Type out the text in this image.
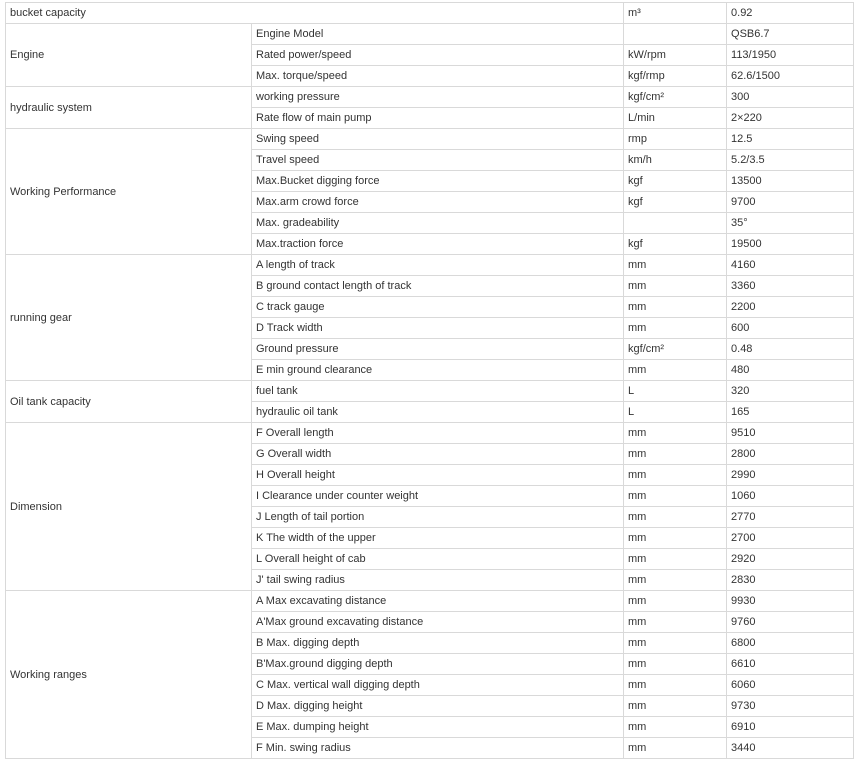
bucket capacity		m³	0.92
Engine	Engine Model		QSB6.7
	Rated power/speed	kW/rpm	113/1950
	Max. torque/speed	kgf/rmp	62.6/1500
hydraulic system	working pressure	kgf/cm²	300
	Rate flow of main pump	L/min	2×220
Working Performance	Swing speed	rmp	12.5
	Travel speed	km/h	5.2/3.5
	Max.Bucket digging force	kgf	13500
	Max.arm crowd force	kgf	9700
	Max. gradeability		35°
	Max.traction force	kgf	19500
running gear	A length of track	mm	4160
	B ground contact length of track	mm	3360
	C track gauge	mm	2200
	D Track width	mm	600
	Ground pressure	kgf/cm²	0.48
	E min ground clearance	mm	480
Oil tank capacity	fuel tank	L	320
	hydraulic oil tank	L	165
Dimension	F Overall length	mm	9510
	G Overall width	mm	2800
	H Overall height	mm	2990
	I Clearance under counter weight	mm	1060
	J Length of tail portion	mm	2770
	K The width of the upper	mm	2700
	L Overall height of cab	mm	2920
	J' tail swing radius	mm	2830
Working ranges	A Max excavating distance	mm	9930
	A'Max ground excavating distance	mm	9760
	B Max. digging depth	mm	6800
	B'Max.ground digging depth	mm	6610
	C Max. vertical wall digging depth	mm	6060
	D Max. digging height	mm	9730
	E Max. dumping height	mm	6910
	F Min. swing radius	mm	3440
